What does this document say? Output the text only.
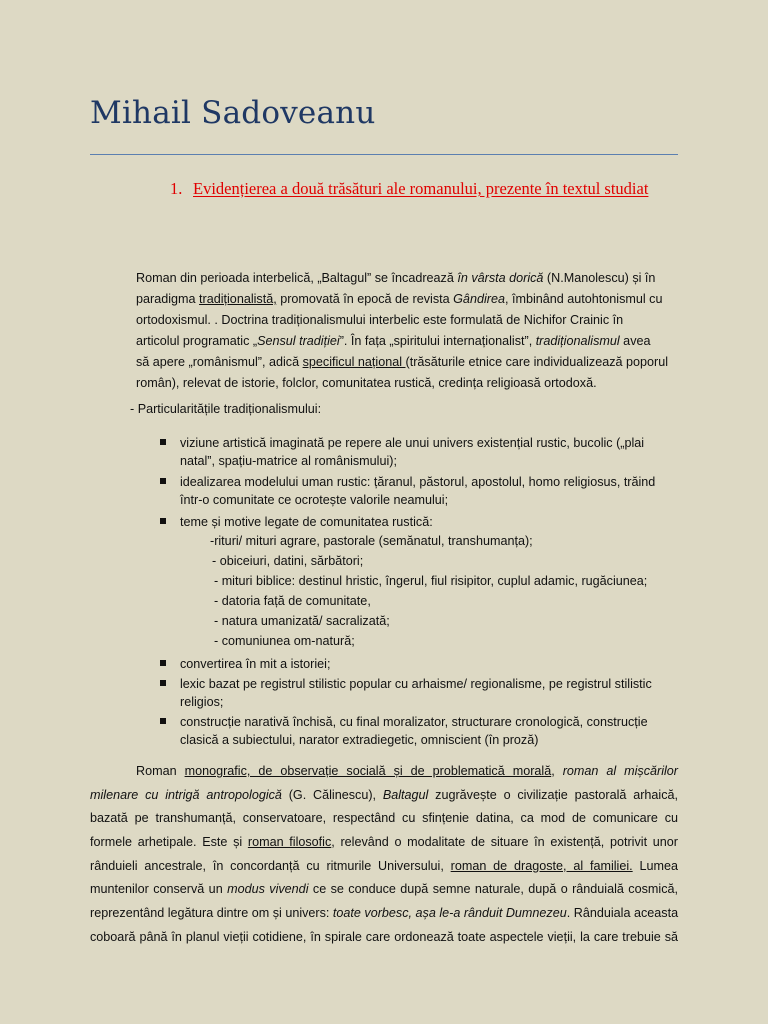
Mihail Sadoveanu
1. Evidențierea a două trăsături ale romanului, prezente în textul studiat
Roman din perioada interbelică, „Baltagul” se încadrează în vârsta dorică (N.Manolescu) și în
paradigma tradiționalistă, promovată în epocă de revista Gândirea, îmbinând autohtonismul cu
ortodoxismul. . Doctrina tradiționalismului interbelic este formulată de Nichifor Crainic în
articolul programatic „Sensul tradiției”. În fața „spiritului internaționalist”, tradiționalismul avea
să apere „românismul”, adică specificul național (trăsăturile etnice care individualizează poporul
român), relevat de istorie, folclor, comunitatea rustică, credința religioasă ortodoxă.
- Particularitățile tradiționalismului:
viziune artistică imaginată pe repere ale unui univers existențial rustic, bucolic („plai
natal”, spațiu-matrice al românismului);
idealizarea modelului uman rustic: țăranul, păstorul, apostolul, homo religiosus, trăind
într-o comunitate ce ocrotește valorile neamului;
teme și motive legate de comunitatea rustică:
-rituri/ mituri agrare, pastorale (semănatul, transhumanța);
- obiceiuri, datini, sărbători;
- mituri biblice: destinul hristic, îngerul, fiul risipitor, cuplul adamic, rugăciunea;
- datoria față de comunitate,
- natura umanizată/ sacralizată;
- comuniunea om-natură;
convertirea în mit a istoriei;
lexic bazat pe registrul stilistic popular cu arhaisme/ regionalisme, pe registrul stilistic
religios;
construcție narativă închisă, cu final moralizator, structurare cronologică, construcție
clasică a subiectului, narator extradiegetic, omniscient (în proză)
Roman monografic, de observație socială și de problematică morală, roman al mișcărilor
milenare cu intrigă antropologică (G. Călinescu), Baltagul zugrăvește o civilizație pastorală arhaică,
bazată pe transhumanță, conservatoare, respectând cu sfințenie datina, ca mod de comunicare cu
formele arhetipale. Este și roman filosofic, relevând o modalitate de situare în existență, potrivit unor
rânduieli ancestrale, în concordanță cu ritmurile Universului, roman de dragoste, al familiei. Lumea
muntenilor conservă un modus vivendi ce se conduce după semne naturale, după o rânduială cosmică,
reprezentând legătura dintre om și univers: toate vorbesc, așa le-a rânduit Dumnezeu. Rânduiala aceasta
coboară până în planul vieții cotidiene, în spirale care ordonează toate aspectele vieții, la care trebuie să
